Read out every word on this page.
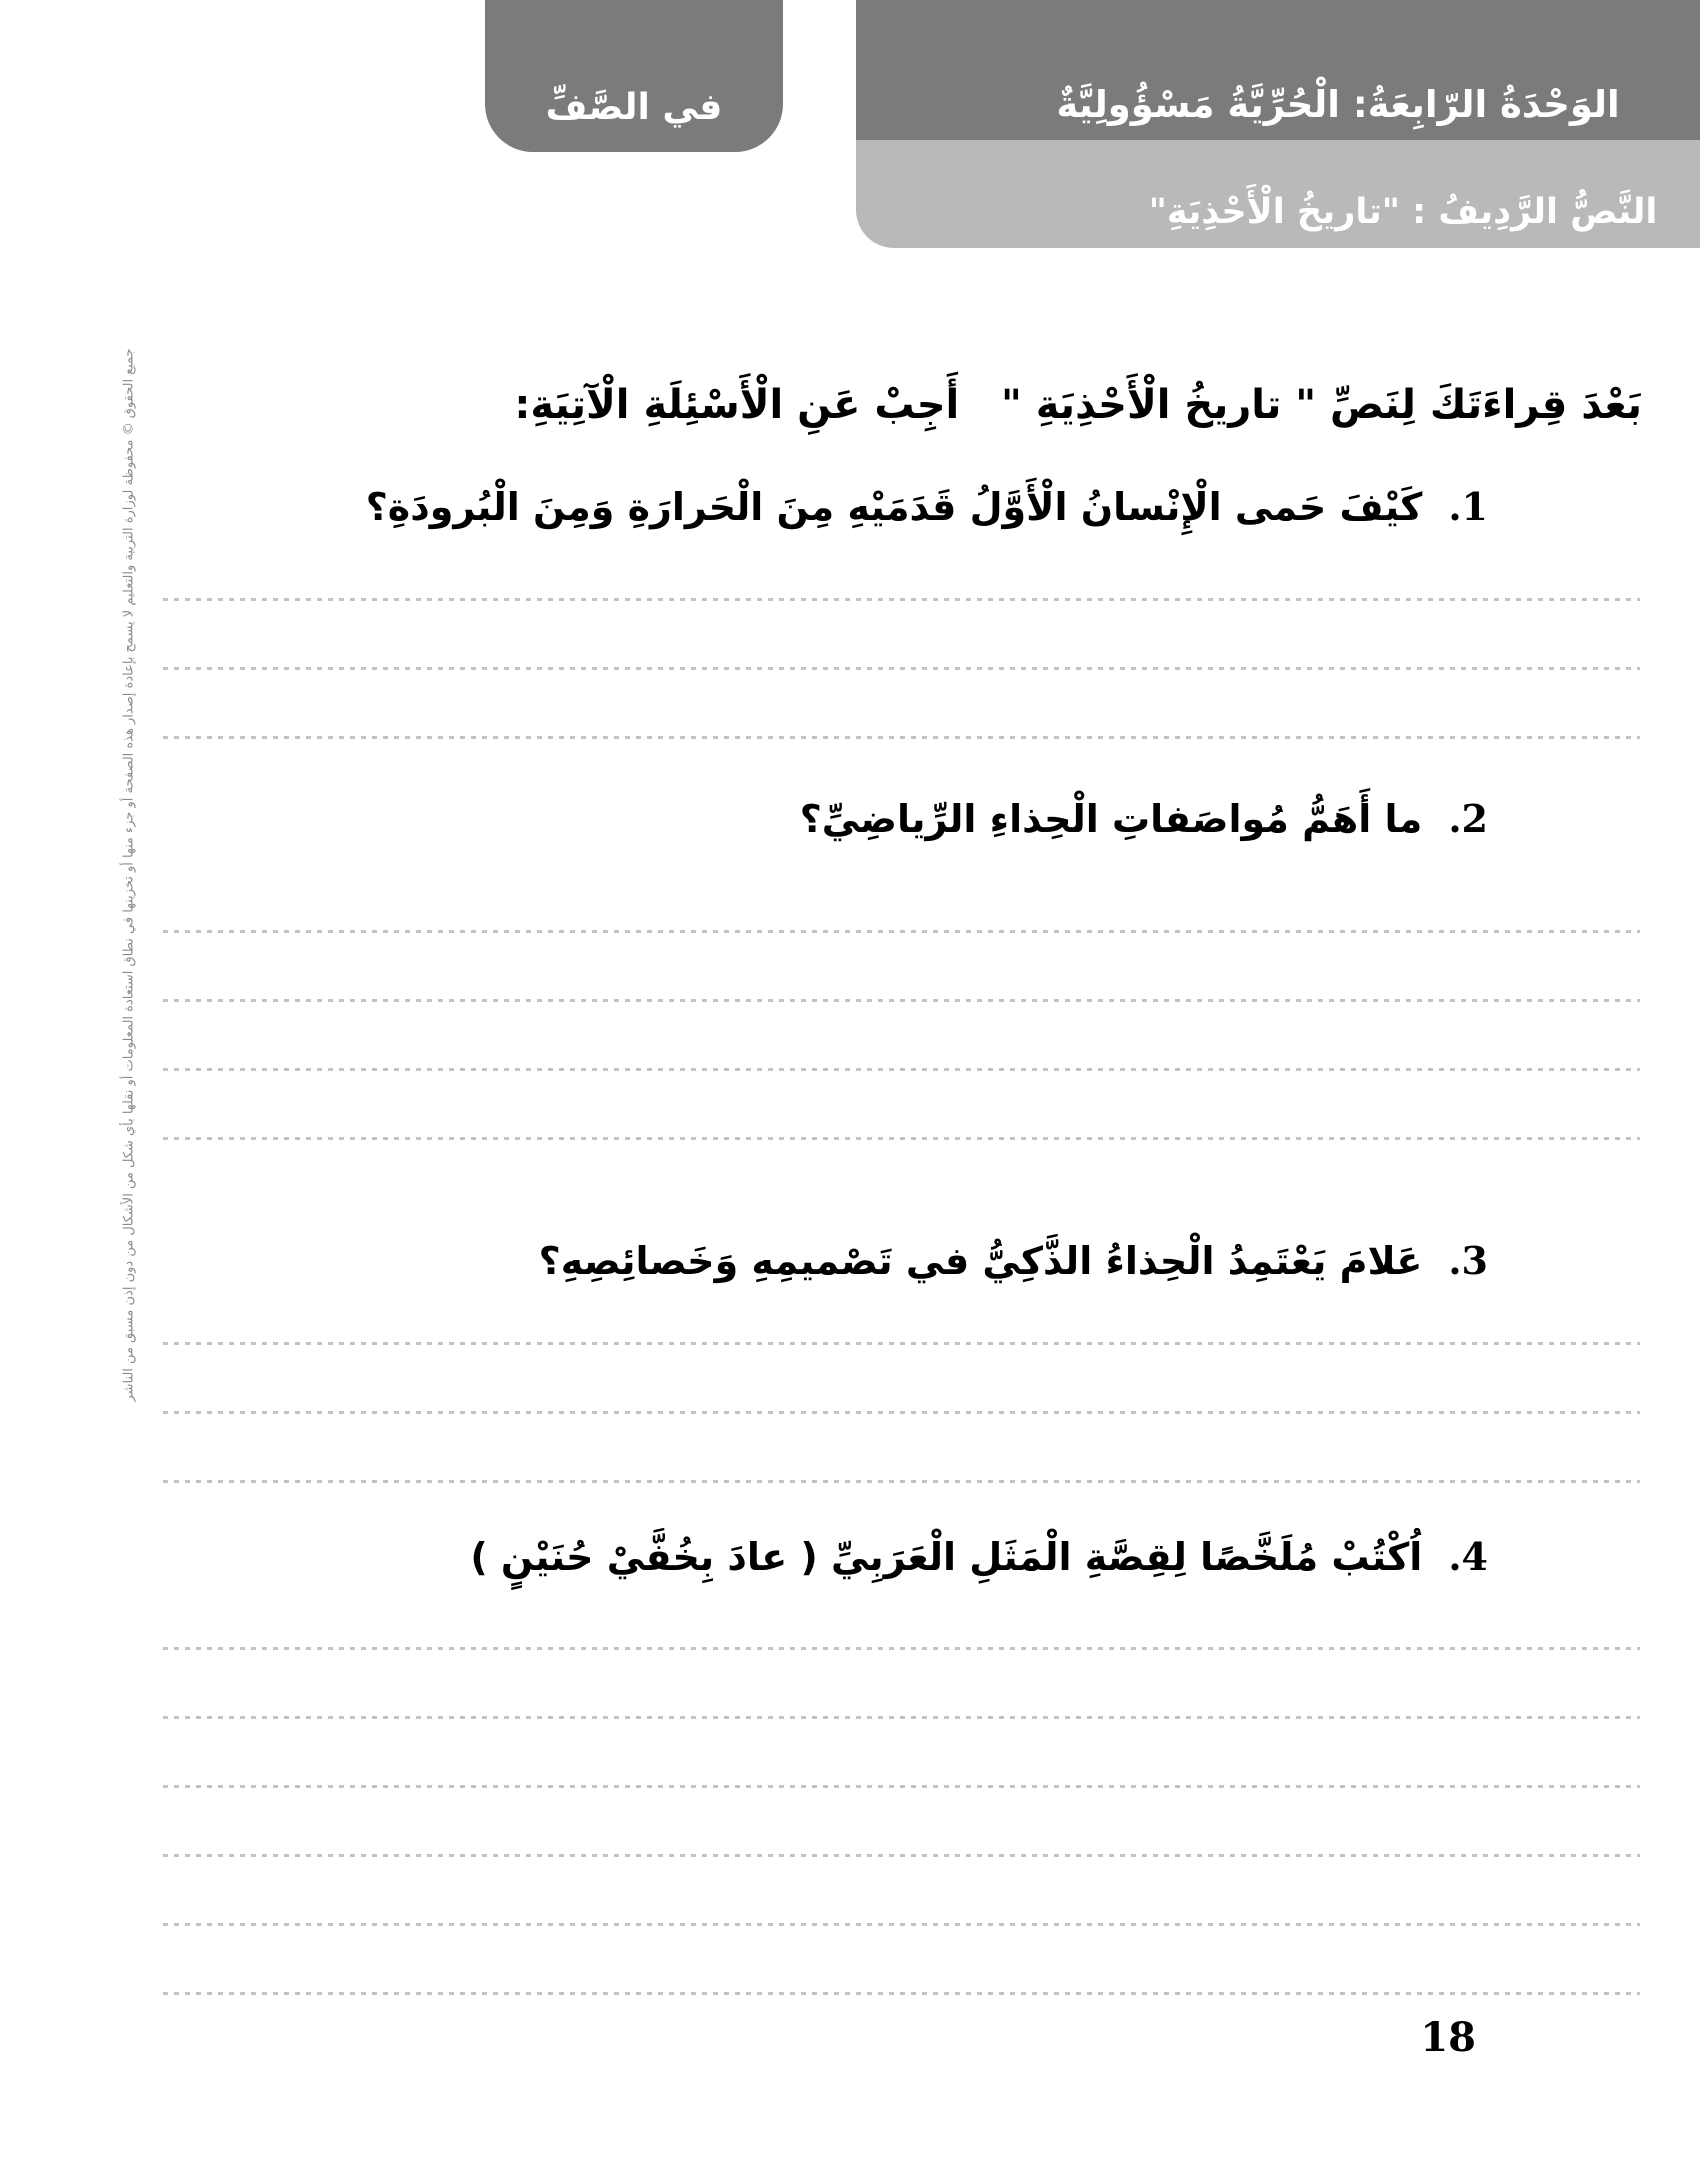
الوَحْدَةُ الرّابِعَةُ: الْحُرِّيَّةُ مَسْؤُولِيَّةٌ
النَّصُّ الرَّدِيفُ : "تاريخُ الْأَحْذِيَةِ"
في الصَّفِّ
بَعْدَ قِراءَتَكَ لِنَصِّ " تاريخُ الْأَحْذِيَةِ "   أَجِبْ عَنِ الْأَسْئِلَةِ الْآتِيَةِ:
1.
كَيْفَ حَمى الْإِنْسانُ الْأَوَّلُ قَدَمَيْهِ مِنَ الْحَرارَةِ وَمِنَ الْبُرودَةِ؟
2.
ما أَهَمُّ مُواصَفاتِ الْحِذاءِ الرِّياضِيِّ؟
3.
عَلامَ يَعْتَمِدُ الْحِذاءُ الذَّكِيُّ في تَصْميمِهِ وَخَصائِصِهِ؟
4.
اُكْتُبْ مُلَخَّصًا لِقِصَّةِ الْمَثَلِ الْعَرَبِيِّ ( عادَ بِخُفَّيْ حُنَيْنٍ )
جميع الحقوق © محفوظة لوزارة التربية والتعليم لا يسمح بإعادة إصدار هذه الصفحة أو جزء منها أو تخزينها في نطاق استعادة المعلومات أو نقلها بأي شكل من الأشكال من دون إذن مسبق من الناشر
18
